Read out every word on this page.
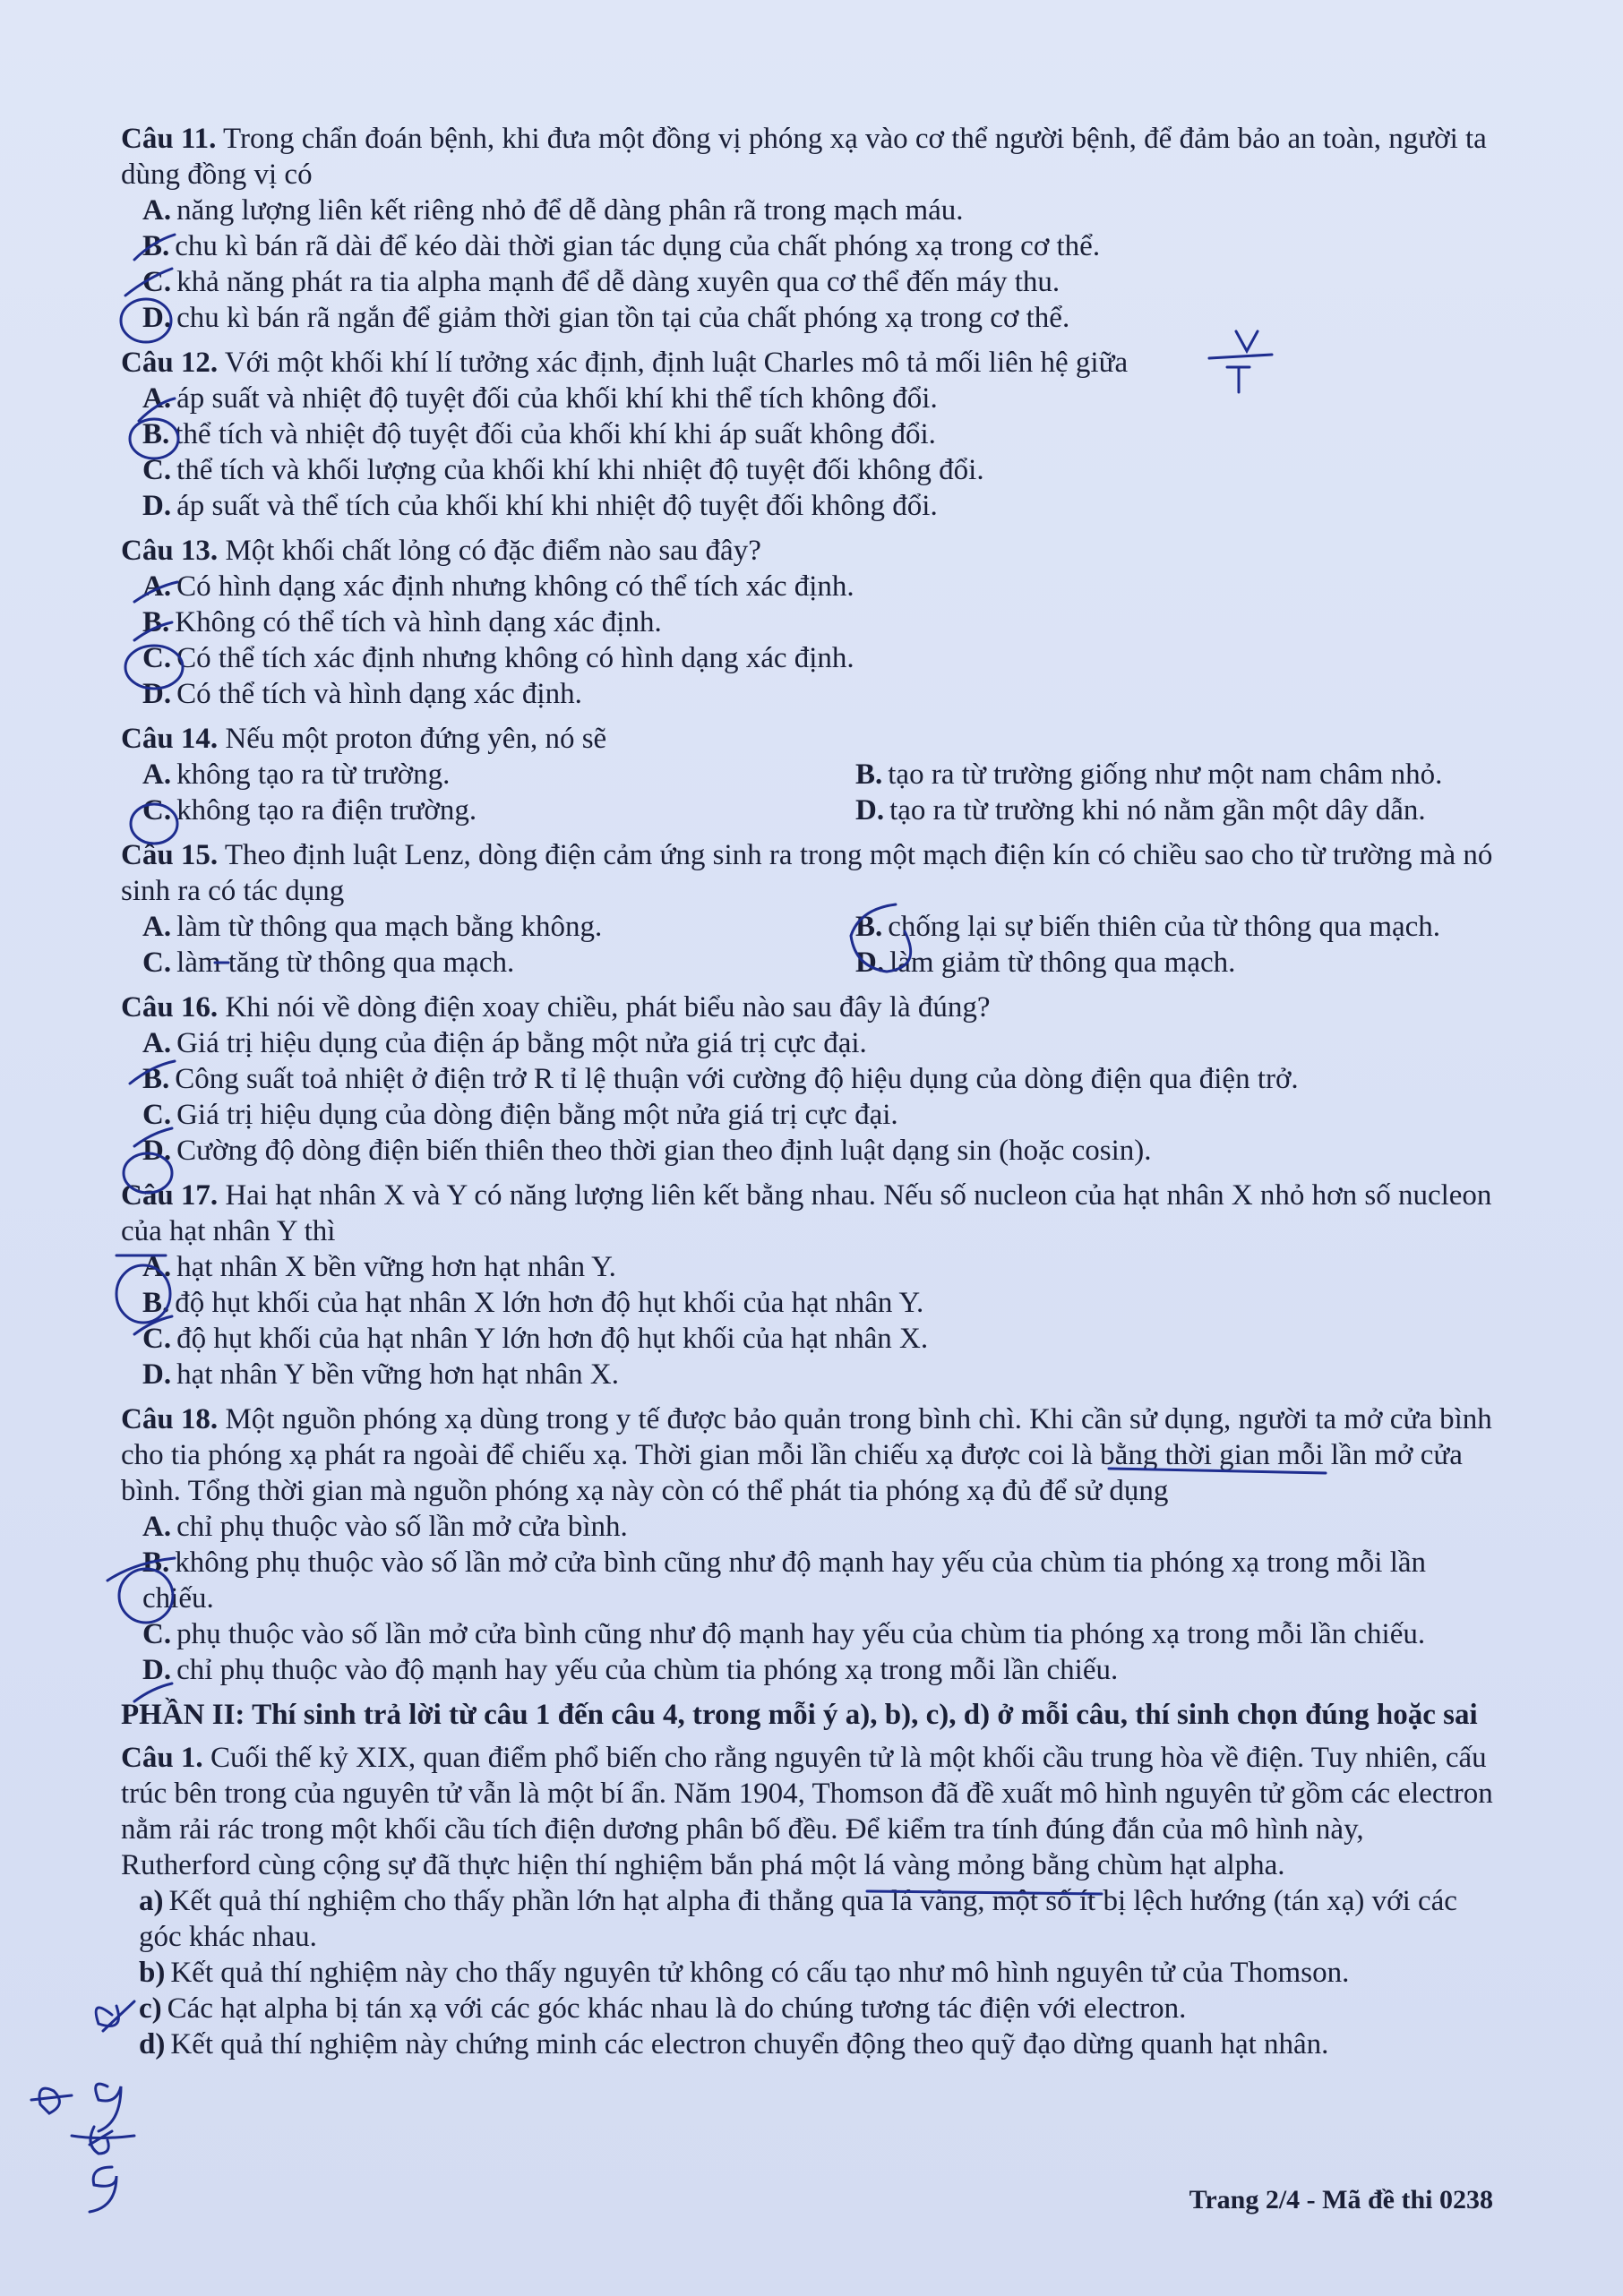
Câu 11. Trong chẩn đoán bệnh, khi đưa một đồng vị phóng xạ vào cơ thể người bệnh, để đảm bảo an toàn, người ta dùng đồng vị có
A. năng lượng liên kết riêng nhỏ để dễ dàng phân rã trong mạch máu.
B. chu kì bán rã dài để kéo dài thời gian tác dụng của chất phóng xạ trong cơ thể.
C. khả năng phát ra tia alpha mạnh để dễ dàng xuyên qua cơ thể đến máy thu.
D. chu kì bán rã ngắn để giảm thời gian tồn tại của chất phóng xạ trong cơ thể.
Câu 12. Với một khối khí lí tưởng xác định, định luật Charles mô tả mối liên hệ giữa
A. áp suất và nhiệt độ tuyệt đối của khối khí khi thể tích không đổi.
B. thể tích và nhiệt độ tuyệt đối của khối khí khi áp suất không đổi.
C. thể tích và khối lượng của khối khí khi nhiệt độ tuyệt đối không đổi.
D. áp suất và thể tích của khối khí khi nhiệt độ tuyệt đối không đổi.
Câu 13. Một khối chất lỏng có đặc điểm nào sau đây?
A. Có hình dạng xác định nhưng không có thể tích xác định.
B. Không có thể tích và hình dạng xác định.
C. Có thể tích xác định nhưng không có hình dạng xác định.
D. Có thể tích và hình dạng xác định.
Câu 14. Nếu một proton đứng yên, nó sẽ
A. không tạo ra từ trường.	B. tạo ra từ trường giống như một nam châm nhỏ.
C. không tạo ra điện trường.	D. tạo ra từ trường khi nó nằm gần một dây dẫn.
Câu 15. Theo định luật Lenz, dòng điện cảm ứng sinh ra trong một mạch điện kín có chiều sao cho từ trường mà nó sinh ra có tác dụng
A. làm từ thông qua mạch bằng không.	B. chống lại sự biến thiên của từ thông qua mạch.
C. làm tăng từ thông qua mạch.	D. làm giảm từ thông qua mạch.
Câu 16. Khi nói về dòng điện xoay chiều, phát biểu nào sau đây là đúng?
A. Giá trị hiệu dụng của điện áp bằng một nửa giá trị cực đại.
B. Công suất toả nhiệt ở điện trở R tỉ lệ thuận với cường độ hiệu dụng của dòng điện qua điện trở.
C. Giá trị hiệu dụng của dòng điện bằng một nửa giá trị cực đại.
D. Cường độ dòng điện biến thiên theo thời gian theo định luật dạng sin (hoặc cosin).
Câu 17. Hai hạt nhân X và Y có năng lượng liên kết bằng nhau. Nếu số nucleon của hạt nhân X nhỏ hơn số nucleon của hạt nhân Y thì
A. hạt nhân X bền vững hơn hạt nhân Y.
B. độ hụt khối của hạt nhân X lớn hơn độ hụt khối của hạt nhân Y.
C. độ hụt khối của hạt nhân Y lớn hơn độ hụt khối của hạt nhân X.
D. hạt nhân Y bền vững hơn hạt nhân X.
Câu 18. Một nguồn phóng xạ dùng trong y tế được bảo quản trong bình chì. Khi cần sử dụng, người ta mở cửa bình cho tia phóng xạ phát ra ngoài để chiếu xạ. Thời gian mỗi lần chiếu xạ được coi là bằng thời gian mỗi lần mở cửa bình. Tổng thời gian mà nguồn phóng xạ này còn có thể phát tia phóng xạ đủ để sử dụng
A. chỉ phụ thuộc vào số lần mở cửa bình.
B. không phụ thuộc vào số lần mở cửa bình cũng như độ mạnh hay yếu của chùm tia phóng xạ trong mỗi lần chiếu.
C. phụ thuộc vào số lần mở cửa bình cũng như độ mạnh hay yếu của chùm tia phóng xạ trong mỗi lần chiếu.
D. chỉ phụ thuộc vào độ mạnh hay yếu của chùm tia phóng xạ trong mỗi lần chiếu.
PHẦN II: Thí sinh trả lời từ câu 1 đến câu 4, trong mỗi ý a), b), c), d) ở mỗi câu, thí sinh chọn đúng hoặc sai
Câu 1. Cuối thế kỷ XIX, quan điểm phổ biến cho rằng nguyên tử là một khối cầu trung hòa về điện. Tuy nhiên, cấu trúc bên trong của nguyên tử vẫn là một bí ẩn. Năm 1904, Thomson đã đề xuất mô hình nguyên tử gồm các electron nằm rải rác trong một khối cầu tích điện dương phân bố đều. Để kiểm tra tính đúng đắn của mô hình này, Rutherford cùng cộng sự đã thực hiện thí nghiệm bắn phá một lá vàng mỏng bằng chùm hạt alpha.
a) Kết quả thí nghiệm cho thấy phần lớn hạt alpha đi thẳng qua lá vàng, một số ít bị lệch hướng (tán xạ) với các góc khác nhau.
b) Kết quả thí nghiệm này cho thấy nguyên tử không có cấu tạo như mô hình nguyên tử của Thomson.
c) Các hạt alpha bị tán xạ với các góc khác nhau là do chúng tương tác điện với electron.
d) Kết quả thí nghiệm này chứng minh các electron chuyển động theo quỹ đạo dừng quanh hạt nhân.
Trang 2/4 - Mã đề thi 0238
